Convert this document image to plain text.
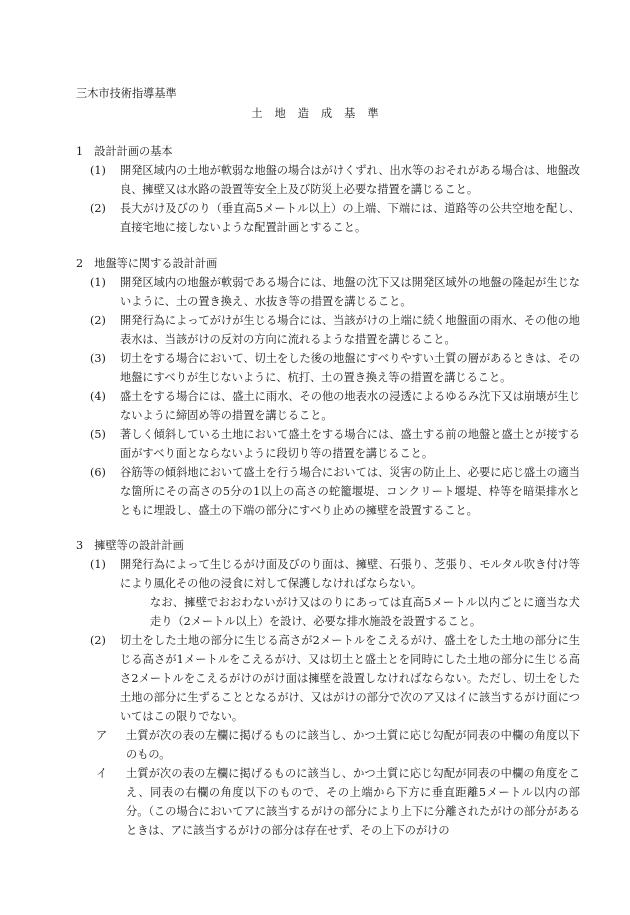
三木市技術指導基準
土地造成基準

1　設計計画の基本

(1)	開発区域内の土地が軟弱な地盤の場合はがけくずれ、出水等のおそれがある場合は、地盤改良、擁壁又は水路の設置等安全上及び防災上必要な措置を講じること。
(2)	長大がけ及びのり（垂直高5メートル以上）の上端、下端には、道路等の公共空地を配し、直接宅地に接しないような配置計画とすること。

2　地盤等に関する設計計画

(1)	開発区域内の地盤が軟弱である場合には、地盤の沈下又は開発区域外の地盤の隆起が生じないように、土の置き換え、水抜き等の措置を講じること。
(2)	開発行為によってがけが生じる場合には、当該がけの上端に続く地盤面の雨水、その他の地表水は、当該がけの反対の方向に流れるような措置を講じること。
(3)	切土をする場合において、切土をした後の地盤にすべりやすい土質の層があるときは、その地盤にすべりが生じないように、杭打、土の置き換え等の措置を講じること。
(4)	盛土をする場合には、盛土に雨水、その他の地表水の浸透によるゆるみ沈下又は崩壊が生じないように締固め等の措置を講じること。
(5)	著しく傾斜している土地において盛土をする場合には、盛土する前の地盤と盛土とが接する面がすべり面とならないように段切り等の措置を講じること。
(6)	谷筋等の傾斜地において盛土を行う場合においては、災害の防止上、必要に応じ盛土の適当な箇所にその高さの5分の1以上の高さの蛇籠堰堤、コンクリート堰堤、枠等を暗渠排水とともに埋設し、盛土の下端の部分にすべり止めの擁壁を設置すること。

3　擁壁等の設計計画

(1)	開発行為によって生じるがけ面及びのり面は、擁壁、石張り、芝張り、モルタル吹き付け等により風化その他の浸食に対して保護しなければならない。
なお、擁壁でおおわないがけ又はのりにあっては直高5メートル以内ごとに適当な犬走り（2メートル以上）を設け、必要な排水施設を設置すること。
(2)	切土をした土地の部分に生じる高さが2メートルをこえるがけ、盛土をした土地の部分に生じる高さが1メートルをこえるがけ、又は切土と盛土とを同時にした土地の部分に生じる高さ2メートルをこえるがけのがけ面は擁壁を設置しなければならない。ただし、切土をした土地の部分に生ずることとなるがけ、又はがけの部分で次のア又はイに該当するがけ面についてはこの限りでない。
ア	土質が次の表の左欄に掲げるものに該当し、かつ土質に応じ勾配が同表の中欄の角度以下のもの。
イ	土質が次の表の左欄に掲げるものに該当し、かつ土質に応じ勾配が同表の中欄の角度をこえ、同表の右欄の角度以下のもので、その上端から下方に垂直距離5メートル以内の部分。（この場合においてアに該当するがけの部分により上下に分離されたがけの部分があるときは、アに該当するがけの部分は存在せず、その上下のがけの
